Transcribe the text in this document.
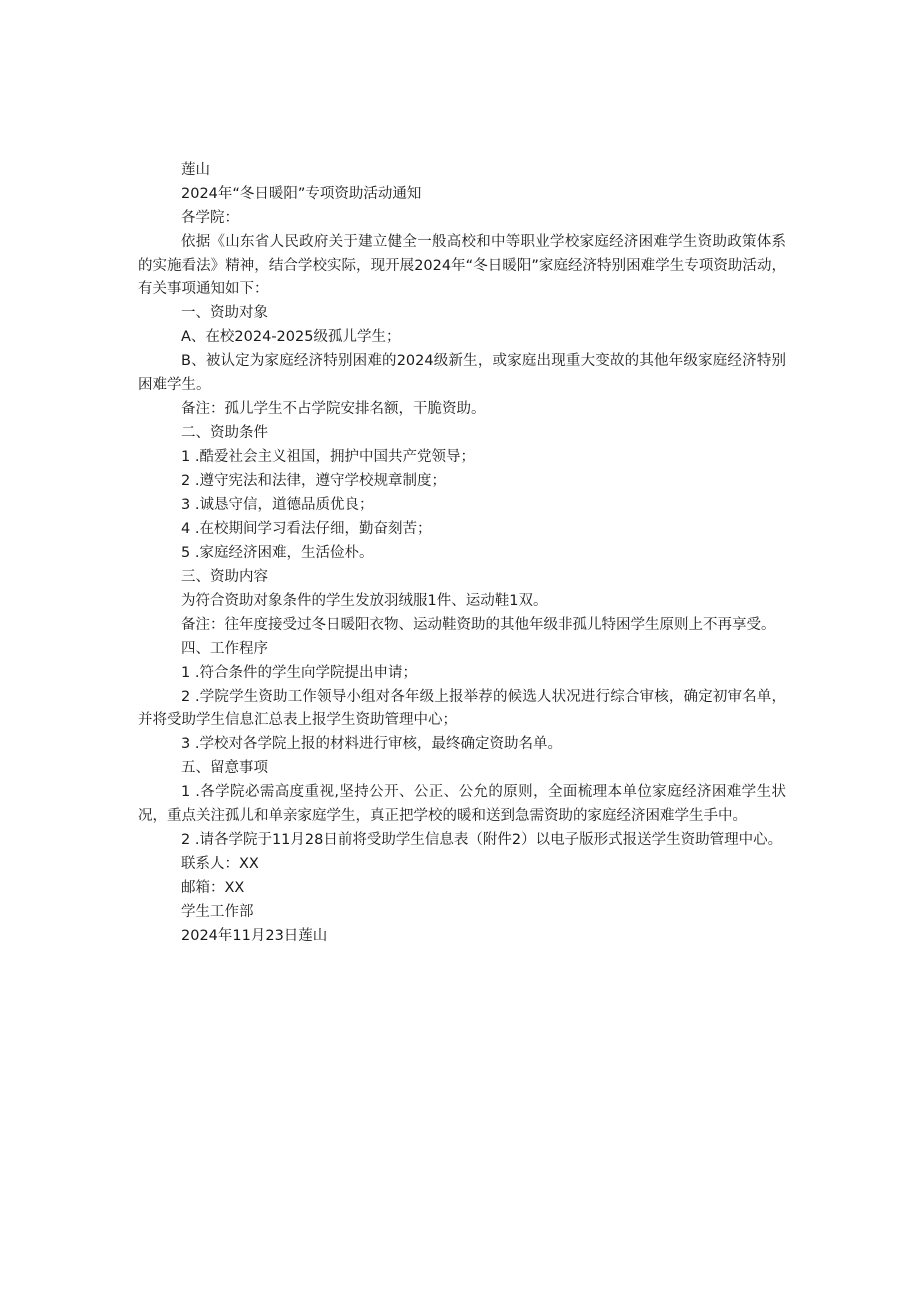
莲山

2024年“冬日暖阳”专项资助活动通知

各学院：

依据《山东省人民政府关于建立健全一般高校和中等职业学校家庭经济困难学生资助政策体系的实施看法》精神，结合学校实际，现开展2024年“冬日暖阳”家庭经济特别困难学生专项资助活动，有关事项通知如下：

一、资助对象

A、在校2024-2025级孤儿学生；

B、被认定为家庭经济特别困难的2024级新生，或家庭出现重大变故的其他年级家庭经济特别困难学生。

备注：孤儿学生不占学院安排名额，干脆资助。

二、资助条件

1 .酷爱社会主义祖国，拥护中国共产党领导；

2 .遵守宪法和法律，遵守学校规章制度；

3 .诚恳守信，道德品质优良；

4 .在校期间学习看法仔细，勤奋刻苦；

5 .家庭经济困难，生活俭朴。

三、资助内容

为符合资助对象条件的学生发放羽绒服1件、运动鞋1双。

备注：往年度接受过冬日暖阳衣物、运动鞋资助的其他年级非孤儿特困学生原则上不再享受。

四、工作程序

1 .符合条件的学生向学院提出申请；

2 .学院学生资助工作领导小组对各年级上报举荐的候选人状况进行综合审核，确定初审名单，并将受助学生信息汇总表上报学生资助管理中心；

3 .学校对各学院上报的材料进行审核，最终确定资助名单。

五、留意事项

1 .各学院必需高度重视,坚持公开、公正、公允的原则，全面梳理本单位家庭经济困难学生状况，重点关注孤儿和单亲家庭学生，真正把学校的暖和送到急需资助的家庭经济困难学生手中。

2 .请各学院于11月28日前将受助学生信息表（附件2）以电子版形式报送学生资助管理中心。

联系人：XX

邮箱：XX

学生工作部

2024年11月23日莲山
